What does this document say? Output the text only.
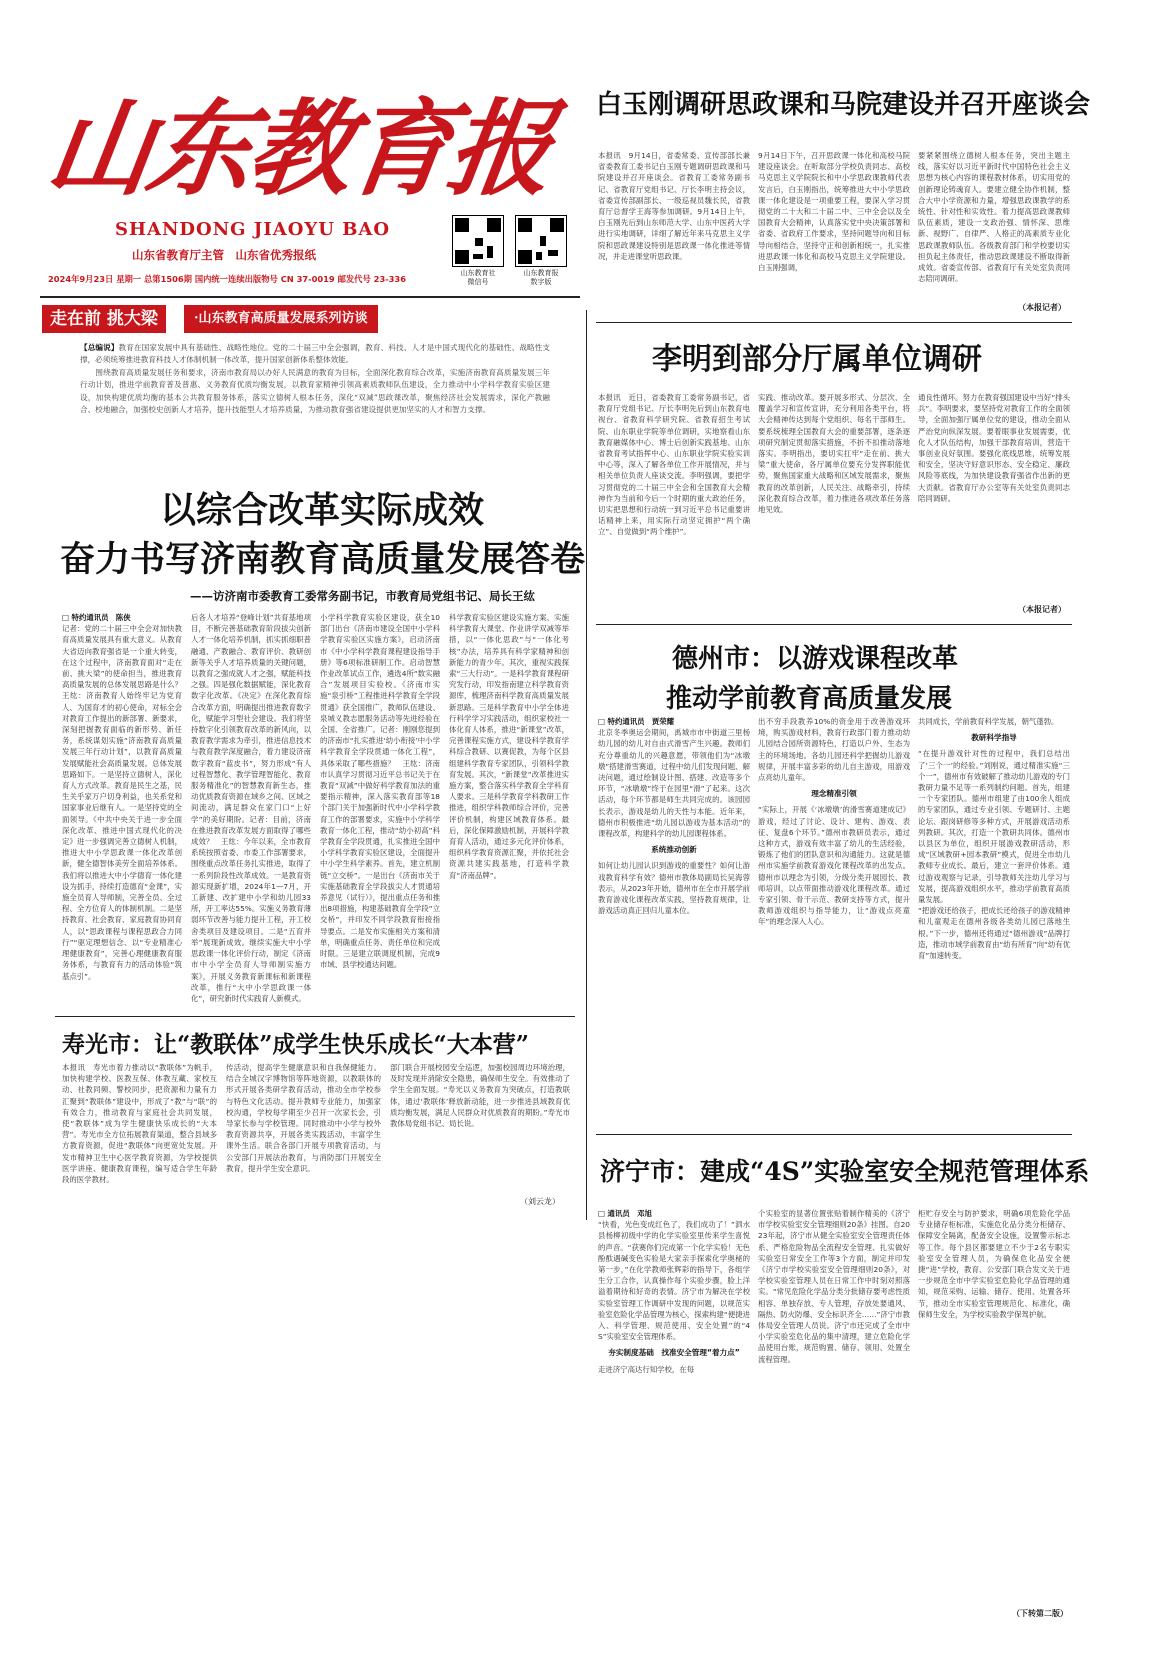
山东教育报
SHANDONG JIAOYU BAO
山东省教育厅主管　山东省优秀报纸
2024年9月23日 星期一 总第1506期 国内统一连续出版物号 CN 37-0019 邮发代号 23-336
山东教育社
微信号
山东教育报
数字版
走在前 挑大梁	·山东教育高质量发展系列访谈
【总编说】教育在国家发展中具有基础性、战略性地位。党的二十届三中全会强调，教育、科技、人才是中国式现代化的基础性、战略性支撑，必须统筹推进教育科技人才体制机制一体改革，提升国家创新体系整体效能。
　　围绕教育高质量发展任务和要求，济南市教育局以办好人民满意的教育为目标，全面深化教育综合改革，实施济南教育高质量发展三年行动计划，推进学前教育普及普惠、义务教育优质均衡发展，以教育家精神引领高素质教师队伍建设，全力推动中小学科学教育实验区建设，加快构建优质均衡的基本公共教育服务体系，落实立德树人根本任务，深化“双减”思政课改革，聚焦经济社会发展需求，深化产教融合、校地融合，加强校史创新人才培养，提升技能型人才培养质量，为推动教育强省建设提供更加坚实的人才和智力支撑。
以综合改革实际成效
奋力书写济南教育高质量发展答卷
——访济南市委教育工委常务副书记，市教育局党组书记、局长王纮
□ 特约通讯员　陈侠
记者：党的二十届三中全会对加快教育高质量发展具有重大意义。从教育大省迈向教育强省是一个重大转变，在这个过程中，济南教育面对“走在前、挑大梁”的使命担当，推进教育高质量发展的总体发展思路是什么？　王纮：济南教育人始终牢记为党育人、为国育才的初心使命，对标全会对教育工作提出的新部署、新要求，深刻把握教育面临的新形势、新任务，系统谋划实施“济南教育高质量发展三年行动计划”，以教育高质量发展赋能社会高质量发展。总体发展思路如下。一是坚持立德树人，深化育人方式改革。教育是民生之基，民生关乎家万户切身利益，也关系党和国家事业后继有人。一是坚持党的全面领导。《中共中央关于进一步全面深化改革、推进中国式现代化的决定》进一步强调完善立德树人机制，推进大中小学思政课一体化改革创新，健全德智体美劳全面培养体系。我们将以推进大中小学德育一体化建设为抓手，持续打造德育“金课”，实施全员育人导师制，完善全员、全过程、全方位育人的体制机制。二是坚持教育、社会教育、家庭教育协同育人，以“思政课程与课程思政合力同行”“驱定理想信念、以“专业精准心理健康教育”，完善心理健康教育服务体系，与教育有力的活动体验“筑基点引”。
后各人才培养“登峰计划”共育基地项目，不断完善基础教育阶段拔尖创新人才一体化培养机制，抓实抓细职普融通、产教融合、教育评价、教研创新等关乎人才培养质量的关键问题，以教育之强成就人才之强，赋能科技之强。四是强化数据赋能，深化教育数字化改革。《决定》在深化教育综合改革方面，明确提出推进教育数字化，赋能学习型社会建设。我们将坚持数字化引领教育改革的新风向，以教育教学需求为牵引，推进信息技术与教育教学深度融合，着力建设济南数字教育“蓝皮书”，努力形成“有人过程智慧化、教学管理智能化、教育服务精准化”的智慧教育新生态，推动优质教育资源在域乡之间、区域之间流动，满足群众在家门口“上好学”的美好期盼。记者：目前，济南在推进教育改革发展方面取得了哪些成效？　王纮：今年以来，全市教育系统按照省委、市委工作部署要求，围绕重点改革任务扎实推进，取得了一系列阶段性改革成效。一是教育资源实现新扩增，2024年1—7月，开工新建、改扩建中小学和幼儿园33所，开工率达55%。实施义务教育薄弱环节改善与能力提升工程，开工校舍类项目及建设项目。二是“五育并举”展现新成效。继续实施大中小学思政课一体化评价行动，制定《济南市中小学全员育人导师制实施方案》，开展义务教育新课标和新课程改革，推行“大中小学思政课一体化”，研究新时代实践育人新模式。
小学科学教育实验区建设，获全10部门出台《济南市建设全国中小学科学教育实验区实施方案》，启动济南市《中小学科学教育课程建设指导手册》等6项标准研制工作。启动智慧作业改革试点工作，遴选4所“数实融合”发展项目实验校。《济南市实施“泉引桥”工程推进科学教育全学段贯通》获全国推广，教师队伍建设、泉城义教志愿服务活动等先进经验在全国、全省推广。记者：刚刚您提到的济南市“扎实推进‘幼小衔接’中小学科学教育全学段贯通一体化工程”，具体采取了哪些措施？　王纮：济南市认真学习贯彻习近平总书记关于在教育“双减”中做好科学教育加法的重要指示精神，深入落实教育部等18个部门关于加强新时代中小学科学教育工作的部署要求，实施中小学科学教育一体化工程，推动“幼小初高”科学教育全学段贯通，扎实推进全国中小学科学教育实验区建设，全面提升中小学生科学素养。首先，建立机制链“立交桥”。一是出台《济南市关于实施基础教育全学段拔尖人才贯通培养意见（试行）》，提出重点任务和推出8项措施，构建基础教育全学段“立交桥”，并印发不同学段教育衔接指导要点。二是发布实施相关方案和清单，明确重点任务、责任单位和完成时限。三是建立联调度机制，完成9市域、县学校通达问题。
科学教育实验区建设实施方案、实施科学教育大课堂、作业讲学双减等举措，以“一体化思政”与“一体化考核”办法，培养具有科学家精神和创新能力的青少年。其次，重视实践探索“三大行动”。一是科学教育课程研究发行动，印发指南建立科学教育资源库，梳理济南科学教育高质量发展新思路。三是科学教育中小学全体进行科学学习实践活动，组织家校社一体化育人体系，推进“新课堂”改革，完善课程实施方式，建设科学教育学科综合教研、以赛促教，为每个区县组建科学教育专家团队，引领科学教育发展。其次，“新课堂”改革推进实施方案，整合落实科学教育全学科育人要求。三是科学教育学科教研工作推进，组织学科教师综合评价，完善评价机制，构建区域教育体系。最后，深化保障激励机制，开展科学教育育人活动，通过多元化评价体系，组织科学教育资源汇聚，并依托社会资源共建实践基地，打造科学教育“济南品牌”。
寿光市：让“教联体”成学生快乐成长“大本营”
本报讯　寿光市着力推动以“教联体”为帆手，加快构建学校、医教互保、体教互藏、家校互动、社教同频、警校同步，把资源和力量有力汇聚到“教联体”建设中，形成了“教”与“联”的有效合力，推动教育与家庭社会共同发展，使“教联体”成为学生健康快乐成长的“大本营”。寿光市全方位拓展教育渠道，整合县域多方教育资源，促进“教联体”向更宽处发展。开发市精神卫生中心医学教育资源，为学校提供医学讲座、健康教育课程，编写适合学生年龄段的医学教材。
传活动，提高学生健康意识和自我保健能力。结合全城汉字博物馆等阵地资源，以教联体的形式开展各类研学教育活动，推动全市学校参与特色文化活动。提升教师专业能力，加强家校沟通，学校每学期至少召开一次家长会，引导家长参与学校管理。同时推动中小学与校外教育资源共享，开展各类实践活动，丰富学生课外生活。联合各部门开展专项教育活动，与公安部门开展法治教育，与消防部门开展安全教育，提升学生安全意识。
部门联合开展校园安全巡逻，加强校园周边环境治理，及时发现并消除安全隐患，确保师生安全。有效推动了学生全面发展。“寿光以义务教育为突破点，打造教联体，通过‘教联体’释放新动能，进一步推进县域教育优质均衡发展，满足人民群众对优质教育的期盼。”寿光市教体局党组书记、局长说。
（刘云龙）
白玉刚调研思政课和马院建设并召开座谈会
本报讯　9月14日，省委常委、宣传部部长兼省委教育工委书记白玉刚专题调研思政课和马院建设并召开座谈会。省教育工委常务副书记、省教育厅党组书记、厅长李明主持会议，省委宣传部副部长、一级巡视员魏长民，省教育厅总督学王海等参加调研。9月14日上午，白玉刚先后到山东师范大学、山东中医药大学进行实地调研，详细了解近年来马克思主义学院和思政课建设特别是思政课一体化推进等情况，并走进课堂听思政课。
9月14日下午，召开思政课一体化和高校马院建设座谈会。在听取部分学校负责同志、高校马克思主义学院院长和中小学思政课教师代表发言后，白玉刚指出，统筹推进大中小学思政课一体化建设是一项重要工程，要深入学习贯彻党的二十大和二十届二中、三中全会以及全国教育大会精神，认真落实党中央决策部署和省委、省政府工作要求，坚持问题导向和目标导向相结合，坚持守正和创新相统一，扎实推进思政课一体化和高校马克思主义学院建设。白玉刚强调，
要紧紧围绕立德树人根本任务，突出主题主线，落实好以习近平新时代中国特色社会主义思想为核心内容的课程教材体系，切实用党的创新理论铸魂育人。要建立健全协作机制，整合大中小学资源和力量，增强思政课教学的系统性、针对性和实效性。着力提高思政课教师队伍素质，建设一支政治强、情怀深、思维新、视野广、自律严、人格正的高素质专业化思政课教师队伍。各级教育部门和学校要切实担负起主体责任，推动思政课建设不断取得新成效。省委宣传部、省教育厅有关处室负责同志陪同调研。
（本报记者）
李明到部分厅属单位调研
本报讯　近日，省委教育工委常务副书记，省教育厅党组书记、厅长李明先后到山东教育电视台、省教育科学研究院、省教育招生考试院、山东职业学院等单位调研，实地察看山东教育融媒体中心、博士后创新实践基地、山东省教育考试指挥中心、山东职业学院实验实训中心等，深入了解各单位工作开展情况，并与相关单位负责人座谈交流。李明强调，要把学习贯彻党的二十届三中全会和全国教育大会精神作为当前和今后一个时期的重大政治任务，切实把思想和行动统一到习近平总书记重要讲话精神上来，用实际行动坚定拥护“两个确立”、自觉做到“两个维护”。
实践、推动改革。要开展多形式、分层次、全覆盖学习和宣传宣讲，充分利用各类平台，将大会精神传达到每个党组织、每名干部师生。要系统梳理全国教育大会的重要部署，逐条逐项研究制定贯彻落实措施，不折不扣推动落地落实。李明指出，要切实扛牢“走在前、挑大梁”重大使命，各厅属单位要充分发挥职能优势，聚焦国家重大战略和区域发展需求，聚焦教育的改革创新，人民关注、战略牵引，持续深化教育综合改革，着力推进各项改革任务落地见效。
通良性循环。努力在教育强国建设中当好“排头兵”。李明要求，要坚持党对教育工作的全面领导，全面加强厅属单位党的建设，推动全面从严治党向纵深发展。要着眼事业发展需要，优化人才队伍结构，加强干部教育培训，营造干事创业良好氛围。要强化底线思维，统筹发展和安全，坚决守好意识形态、安全稳定、廉政风险等底线，为加快建设教育强省作出新的更大贡献。省教育厅办公室等有关处室负责同志陪同调研。
（本报记者）
德州市：以游戏课程改革
推动学前教育高质量发展
□ 特约通讯员　贾荣耀
北京冬季奥运会期间，禹城市市中街道三里杨幼儿园的幼儿对自由式滑雪产生兴趣。教师们充分尊重幼儿的兴趣意愿，带领他们为“冰墩墩”搭建滑雪赛道，过程中幼儿们发现问题、解决问题，通过绘制设计图、搭建、改造等多个环节，“冰墩墩”终于在园里“滑”了起来。这次活动，每个环节都是师生共同完成的。该园园长表示，游戏是幼儿的天性与本能。近年来，德州市积极推进“幼儿园以游戏为基本活动”的课程改革，构建科学的幼儿园课程体系。
系统推动创新
如何让幼儿园认识到游戏的重要性？如何让游戏教育科学有效？德州市教体局副局长吴海蓉表示，从2023年开始，德州市在全市开展学前教育游戏化课程改革实践，坚持教育规律，让游戏活动真正回归儿童本位。
出不穷手段教养10%的资金用于改善游戏环境，购买游戏材料，教育行政部门着力推动幼儿园结合园所资源特色，打造以户外、生态为主的环境场地。各幼儿园还科学把握幼儿游戏规律，开展丰富多彩的幼儿自主游戏，用游戏点亮幼儿童年。
理念精准引领
“实际上，开展《‘冰墩墩’的滑雪赛道建成记》游戏，经过了讨论、设计、建构、游戏、表征、复盘6个环节。”德州市教研员表示，通过这种方式，游戏有效丰富了幼儿的生活经验，锻炼了他们的团队意识和沟通能力。这就是德州市实施学前教育游戏化课程改革的出发点。德州市以理念为引领，分级分类开展园长、教师培训，以点带面推动游戏化课程改革。通过专家引领、骨干示范、教研支持等方式，提升教师游戏组织与指导能力，让“游戏点亮童年”的理念深入人心。
共同成长，学前教育科学发展，朝气蓬勃。
教研科学指导
“在提升游戏针对性的过程中，我们总结出了‘三个一’的经验。”刘刚说，通过精准实施“三个一”，德州市有效破解了推动幼儿游戏的专门教研力量不足等一系列制约问题。首先，组建一个专家团队。德州市组建了由100余人组成的专家团队，通过专业引领、专题研讨、主题论坛、跟岗研修等多种方式，开展游戏活动系列教研。其次，打造一个教研共同体。德州市以县区为单位，组织开展游戏教研活动，形成“区域教研+园本教研”模式，促进全市幼儿教师专业成长。最后，建立一套评价体系。通过游戏观察与记录，引导教师关注幼儿学习与发展，提高游戏组织水平，推动学前教育高质量发展。
“把游戏还给孩子，把成长还给孩子的游戏精神和儿童观走在德州各级各类幼儿园已落地生根。”下一步，德州还将通过“德州游戏”品牌打造，推动市域学前教育由“幼有所育”向“幼有优育”加速转变。
济宁市：建成“4S”实验室安全规范管理体系
□ 通讯员　邓旭
“快看，光色变成红色了，我们成功了！”泗水县杨柳初级中学的化学实验室里传来学生喜悦的声音。“获赛你们完成第一个化学实验！无色酚酞遇碱变色实验是大家亲手探索化学奥秘的第一步，”在化学教师张辉彩的指导下，各组学生分工合作，认真操作每个实验步骤，脸上洋溢着期待和好奇的表情。济宁市为解决在学校实验室管理工作调研中发现的问题，以规范实验室危险化学品管理为核心，探索构建“便捷进入、科学管理、规范使用、安全处置”的“4S”实验室安全管理体系。
夯实制度基础　找准安全管理“着力点”
走进济宁高达行知学校，在每
个实验室的显著位置张贴着制作精美的《济宁市学校实验室安全管理细则20条》挂图。自2023年起，济宁市从健全实验室安全管理责任体系、严格危险物品全流程安全管理、扎实做好实验室日常安全工作等3个方面，制定并印发《济宁市学校实验室安全管理细则20条》，对学校实验室管理人员在日常工作中时刻对照落实。“常见危险化学品分类分批储存要考虑性质相容、单独存放、专人管理，存放处要通风、隔热、防火防爆、安全标识齐全……”济宁市教体局安全管理人员说。济宁市还完成了全市中小学实验室危化品的集中清理，建立危险化学品使用台账，规范购置、储存、领用、处置全流程管理。
柜贮存安全与防护要求，明确6项危险化学品专业储存柜标准，实施危化品分类分柜储存、保障安全隔离，配备安全设施，设置警示标志等工作。每个县区都要建立不少于2名专职实验室安全管理人员，为确保危化品安全便捷“进”学校，教育、公安部门联合发文关于进一步规范全市中学实验室危险化学品管理的通知，规范采购、运输、储存、使用、处置各环节，推动全市实验室管理规范化、标准化，确保师生安全，为学校实验教学保驾护航。
（下转第二版）
